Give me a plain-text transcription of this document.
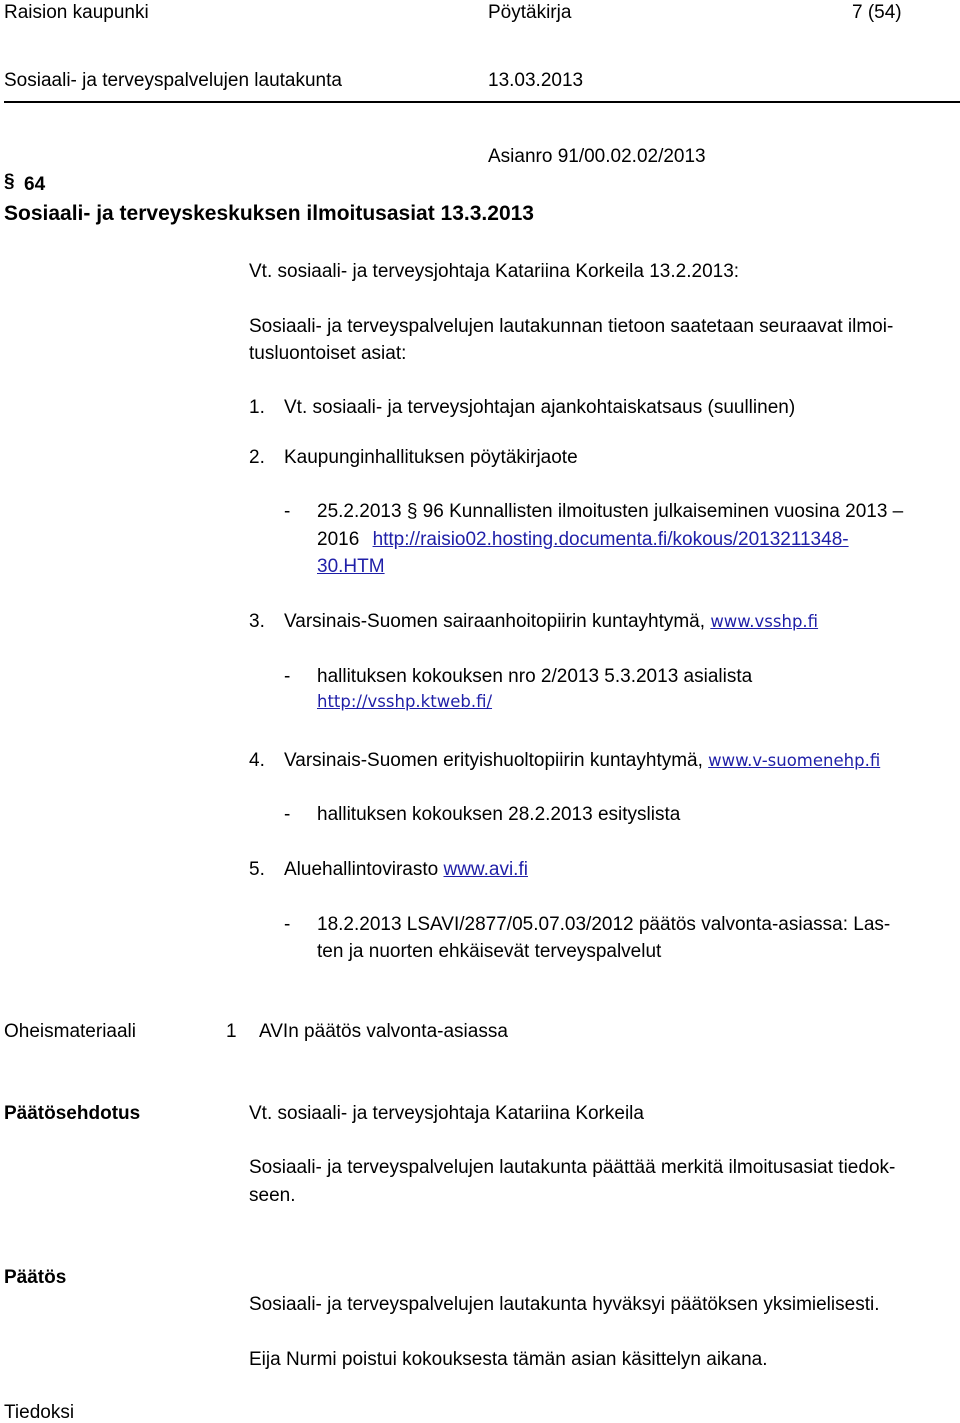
Raision kaupunki	Pöytäkirja	7 (54)
Sosiaali- ja terveyspalvelujen lautakunta	13.03.2013
Asianro 91/00.02.02/2013
§ 64
Sosiaali- ja terveyskeskuksen ilmoitusasiat 13.3.2013
Vt. sosiaali- ja terveysjohtaja Katariina Korkeila 13.2.2013:
Sosiaali- ja terveyspalvelujen lautakunnan tietoon saatetaan seuraavat ilmoi-
tusluontoiset asiat:
1. Vt. sosiaali- ja terveysjohtajan ajankohtaiskatsaus (suullinen)
2. Kaupunginhallituksen pöytäkirjaote
- 25.2.2013 § 96 Kunnallisten ilmoitusten julkaiseminen vuosina 2013 –
2016 http://raisio02.hosting.documenta.fi/kokous/2013211348-
30.HTM
3. Varsinais-Suomen sairaanhoitopiirin kuntayhtymä, www.vsshp.fi
- hallituksen kokouksen nro 2/2013 5.3.2013 asialista
http://vsshp.ktweb.fi/
4. Varsinais-Suomen erityishuoltopiirin kuntayhtymä, www.v-suomenehp.fi
- hallituksen kokouksen 28.2.2013 esityslista
5. Aluehallintovirasto www.avi.fi
- 18.2.2013 LSAVI/2877/05.07.03/2012 päätös valvonta-asiassa: Las-
ten ja nuorten ehkäisevät terveyspalvelut
Oheismateriaali	1 AVIn päätös valvonta-asiassa
Päätösehdotus	Vt. sosiaali- ja terveysjohtaja Katariina Korkeila
Sosiaali- ja terveyspalvelujen lautakunta päättää merkitä ilmoitusasiat tiedok-
seen.
Päätös
Sosiaali- ja terveyspalvelujen lautakunta hyväksyi päätöksen yksimielisesti.
Eija Nurmi poistui kokouksesta tämän asian käsittelyn aikana.
Tiedoksi
